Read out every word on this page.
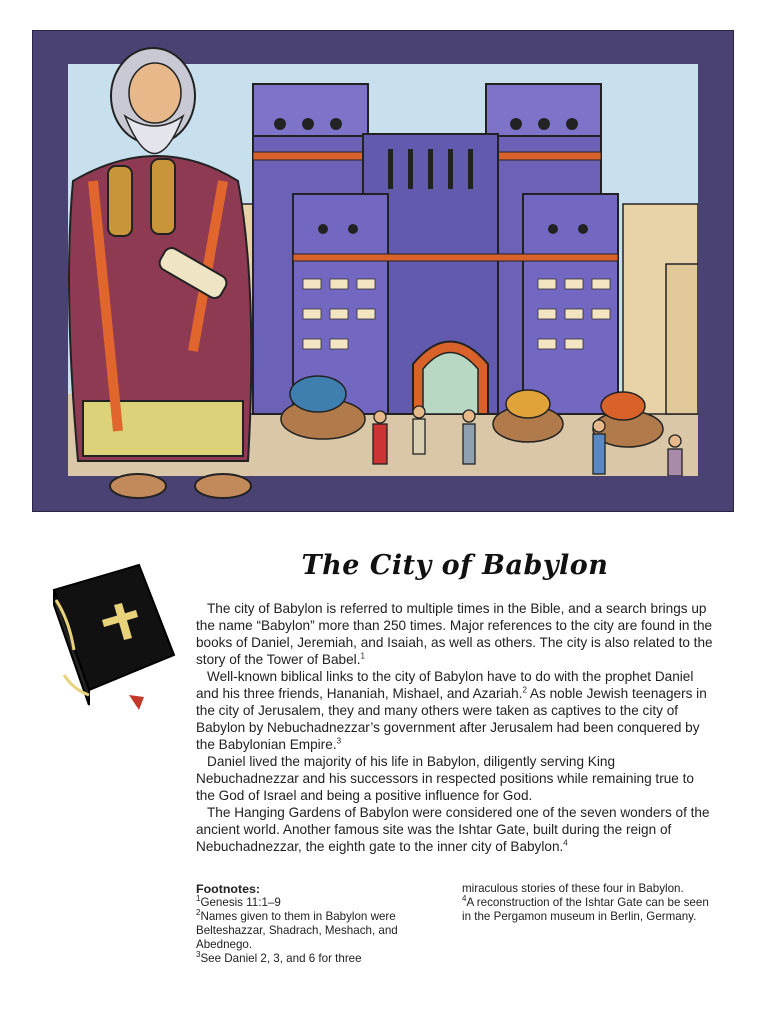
The City of Babylon

The city of Babylon is referred to multiple times in the Bible, and a search brings up the name “Babylon” more than 250 times. Major references to the city are found in the books of Daniel, Jeremiah, and Isaiah, as well as others. The city is also related to the story of the Tower of Babel.$^1$

Well-known biblical links to the city of Babylon have to do with the prophet Daniel and his three friends, Hananiah, Mishael, and Azariah.$^2$ As noble Jewish teenagers in the city of Jerusalem, they and many others were taken as captives to the city of Babylon by Nebuchadnezzar’s government after Jerusalem had been conquered by the Babylonian Empire.$^3$

Daniel lived the majority of his life in Babylon, diligently serving King Nebuchadnezzar and his successors in respected positions while remaining true to the God of Israel and being a positive influence for God.

The Hanging Gardens of Babylon were considered one of the seven wonders of the ancient world. Another famous site was the Ishtar Gate, built during the reign of Nebuchadnezzar, the eighth gate to the inner city of Babylon.$^4$

Footnotes:

$^1$Genesis 11:1–9

$^2$Names given to them in Babylon were Belteshazzar, Shadrach, Meshach, and Abednego.

$^3$See Daniel 2, 3, and 6 for three

miraculous stories of these four in Babylon.

$^4$A reconstruction of the Ishtar Gate can be seen in the Pergamon museum in Berlin, Germany.
